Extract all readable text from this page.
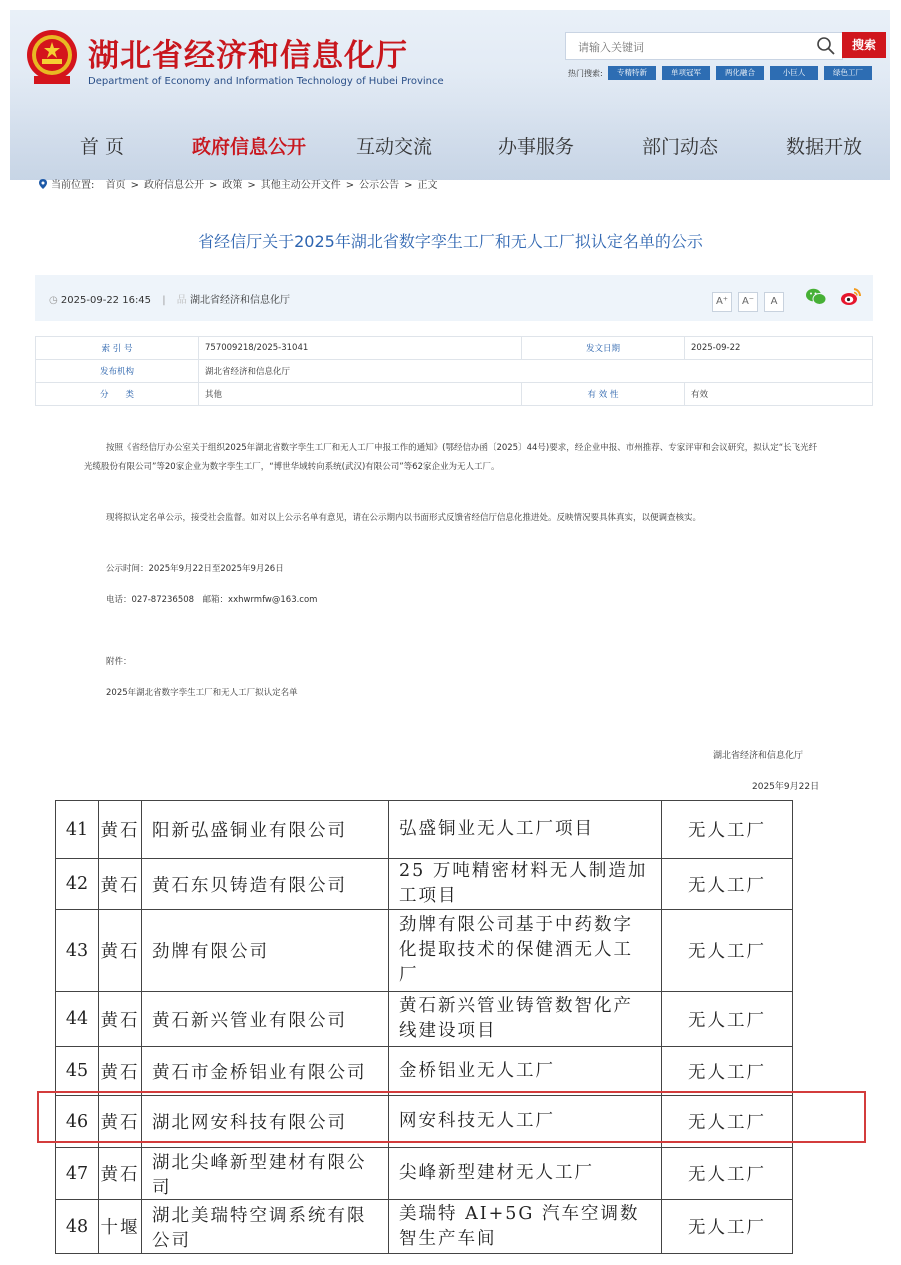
湖北省经济和信息化厅
Department of Economy and Information Technology of Hubei Province
请输入关键词
搜索
热门搜索:	专精特新	单项冠军	两化融合	小巨人	绿色工厂
首 页	政府信息公开	互动交流	办事服务	部门动态	数据开放
当前位置: 首页 > 政府信息公开 > 政策 > 其他主动公开文件 > 公示公告 > 正文
省经信厅关于2025年湖北省数字孪生工厂和无人工厂拟认定名单的公示
◷ 2025-09-22 16:45 | 品 湖北省经济和信息化厅	A⁺ A⁻ A

索 引 号	757009218/2025-31041	发文日期	2025-09-22
发布机构	湖北省经济和信息化厅		
分　　类	其他	有 效 性	有效
按照《省经信厅办公室关于组织2025年湖北省数字孪生工厂和无人工厂申报工作的通知》(鄂经信办函〔2025〕44号)要求，经企业申报、市州推荐、专家评审和会议研究，拟认定“长飞光纤光缆股份有限公司”等20家企业为数字孪生工厂，“博世华域转向系统(武汉)有限公司”等62家企业为无人工厂。
现将拟认定名单公示，接受社会监督。如对以上公示名单有意见，请在公示期内以书面形式反馈省经信厅信息化推进处。反映情况要具体真实，以便调查核实。
公示时间：2025年9月22日至2025年9月26日
电话：027-87236508　邮箱：xxhwrmfw@163.com
附件：
2025年湖北省数字孪生工厂和无人工厂拟认定名单
湖北省经济和信息化厅
2025年9月22日
41	黄石	阳新弘盛铜业有限公司	弘盛铜业无人工厂项目	无人工厂
42	黄石	黄石东贝铸造有限公司	25 万吨精密材料无人制造加工项目	无人工厂
43	黄石	劲牌有限公司	劲牌有限公司基于中药数字化提取技术的保健酒无人工厂	无人工厂
44	黄石	黄石新兴管业有限公司	黄石新兴管业铸管数智化产线建设项目	无人工厂
45	黄石	黄石市金桥铝业有限公司	金桥铝业无人工厂	无人工厂
46	黄石	湖北网安科技有限公司	网安科技无人工厂	无人工厂
47	黄石	湖北尖峰新型建材有限公司	尖峰新型建材无人工厂	无人工厂
48	十堰	湖北美瑞特空调系统有限公司	美瑞特 AI+5G 汽车空调数智生产车间	无人工厂
